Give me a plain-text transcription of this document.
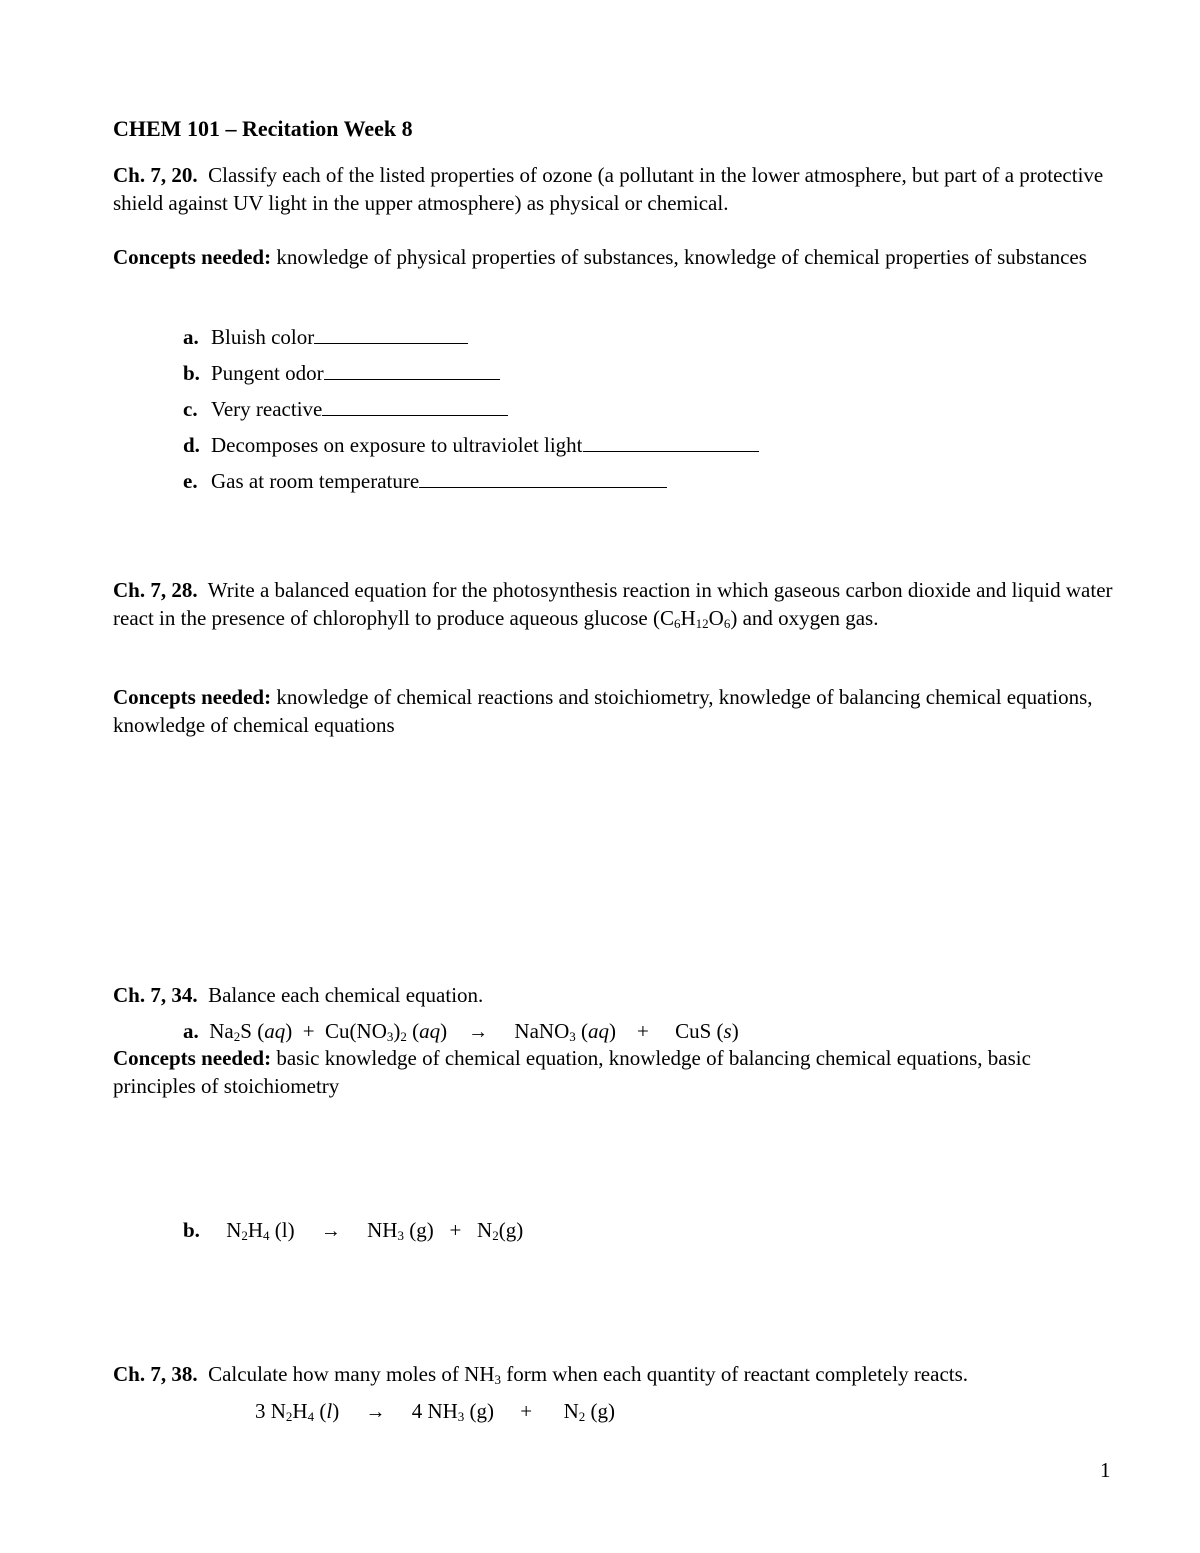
CHEM 101 – Recitation Week 8
Ch. 7, 20. Classify each of the listed properties of ozone (a pollutant in the lower atmosphere, but part of a protective shield against UV light in the upper atmosphere) as physical or chemical.
Concepts needed: knowledge of physical properties of substances, knowledge of chemical properties of substances
a. Bluish color
b. Pungent odor
c. Very reactive
d. Decomposes on exposure to ultraviolet light
e. Gas at room temperature
Ch. 7, 28. Write a balanced equation for the photosynthesis reaction in which gaseous carbon dioxide and liquid water react in the presence of chlorophyll to produce aqueous glucose $(C_6H_{12}O_6)$ and oxygen gas.
Concepts needed: knowledge of chemical reactions and stoichiometry, knowledge of balancing chemical equations, knowledge of chemical equations
Ch. 7, 34. Balance each chemical equation.
a. $Na_2S$ $(aq) + Cu(NO_3)_2$ (aq)    → NaNO$_3$ (aq)    + CuS (s)
Concepts needed: basic knowledge of chemical equation, knowledge of balancing chemical equations, basic principles of stoichiometry
b. $N_2H_4$ $(l) \to NH_3$ $(g) + N_2(g)$
Ch. 7, 38. Calculate how many moles of $NH_3$ form when each quantity of reactant completely reacts.
3 $N_2H_4$ (l)     → 4 $NH_3$ $(g) + N_2$ (g)
1
